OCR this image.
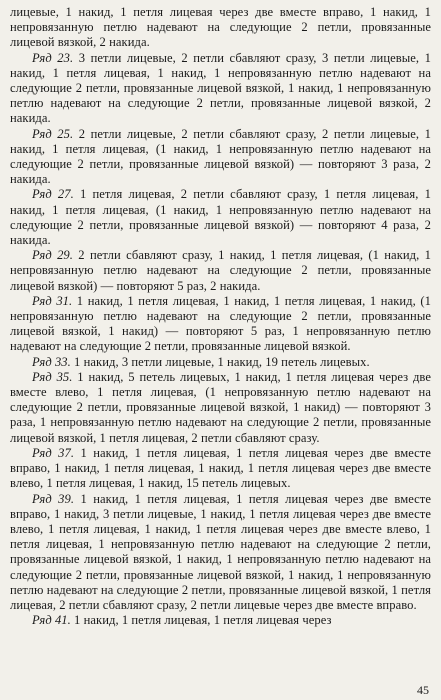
лицевые, 1 накид, 1 петля лицевая через две вместе вправо, 1 накид, 1 непровязанную петлю надевают на следующие 2 петли, провязанные лицевой вязкой, 2 накида.

Ряд 23. 3 петли лицевые, 2 петли сбавляют сразу, 3 петли лицевые, 1 накид, 1 петля лицевая, 1 накид, 1 непровязанную петлю надевают на следующие 2 петли, провязанные лицевой вязкой, 1 накид, 1 непровязанную петлю надевают на следующие 2 петли, провязанные лицевой вязкой, 2 накида.

Ряд 25. 2 петли лицевые, 2 петли сбавляют сразу, 2 петли лицевые, 1 накид, 1 петля лицевая, (1 накид, 1 непровязанную петлю надевают на следующие 2 петли, провязанные лицевой вязкой) — повторяют 3 раза, 2 накида.

Ряд 27. 1 петля лицевая, 2 петли сбавляют сразу, 1 петля лицевая, 1 накид, 1 петля лицевая, (1 накид, 1 непровязанную петлю надевают на следующие 2 петли, провязанные лицевой вязкой) — повторяют 4 раза, 2 накида.

Ряд 29. 2 петли сбавляют сразу, 1 накид, 1 петля лицевая, (1 накид, 1 непровязанную петлю надевают на следующие 2 петли, провязанные лицевой вязкой) — повторяют 5 раз, 2 накида.

Ряд 31. 1 накид, 1 петля лицевая, 1 накид, 1 петля лицевая, 1 накид, (1 непровязанную петлю надевают на следующие 2 петли, провязанные лицевой вязкой, 1 накид) — повторяют 5 раз, 1 непровязанную петлю надевают на следующие 2 петли, провязанные лицевой вязкой.

Ряд 33. 1 накид, 3 петли лицевые, 1 накид, 19 петель лицевых.

Ряд 35. 1 накид, 5 петель лицевых, 1 накид, 1 петля лицевая через две вместе влево, 1 петля лицевая, (1 непровязанную петлю надевают на следующие 2 петли, провязанные лицевой вязкой, 1 накид) — повторяют 3 раза, 1 непровязанную петлю надевают на следующие 2 петли, провязанные лицевой вязкой, 1 петля лицевая, 2 петли сбавляют сразу.

Ряд 37. 1 накид, 1 петля лицевая, 1 петля лицевая через две вместе вправо, 1 накид, 1 петля лицевая, 1 накид, 1 петля лицевая через две вместе влево, 1 петля лицевая, 1 накид, 15 петель лицевых.

Ряд 39. 1 накид, 1 петля лицевая, 1 петля лицевая через две вместе вправо, 1 накид, 3 петли лицевые, 1 накид, 1 петля лицевая через две вместе влево, 1 петля лицевая, 1 накид, 1 петля лицевая через две вместе влево, 1 петля лицевая, 1 непровязанную петлю надевают на следующие 2 петли, провязанные лицевой вязкой, 1 накид, 1 непровязанную петлю надевают на следующие 2 петли, провязанные лицевой вязкой, 1 накид, 1 непровязанную петлю надевают на следующие 2 петли, провязанные лицевой вязкой, 1 петля лицевая, 2 петли сбавляют сразу, 2 петли лицевые через две вместе вправо.

Ряд 41. 1 накид, 1 петля лицевая, 1 петля лицевая через

45
